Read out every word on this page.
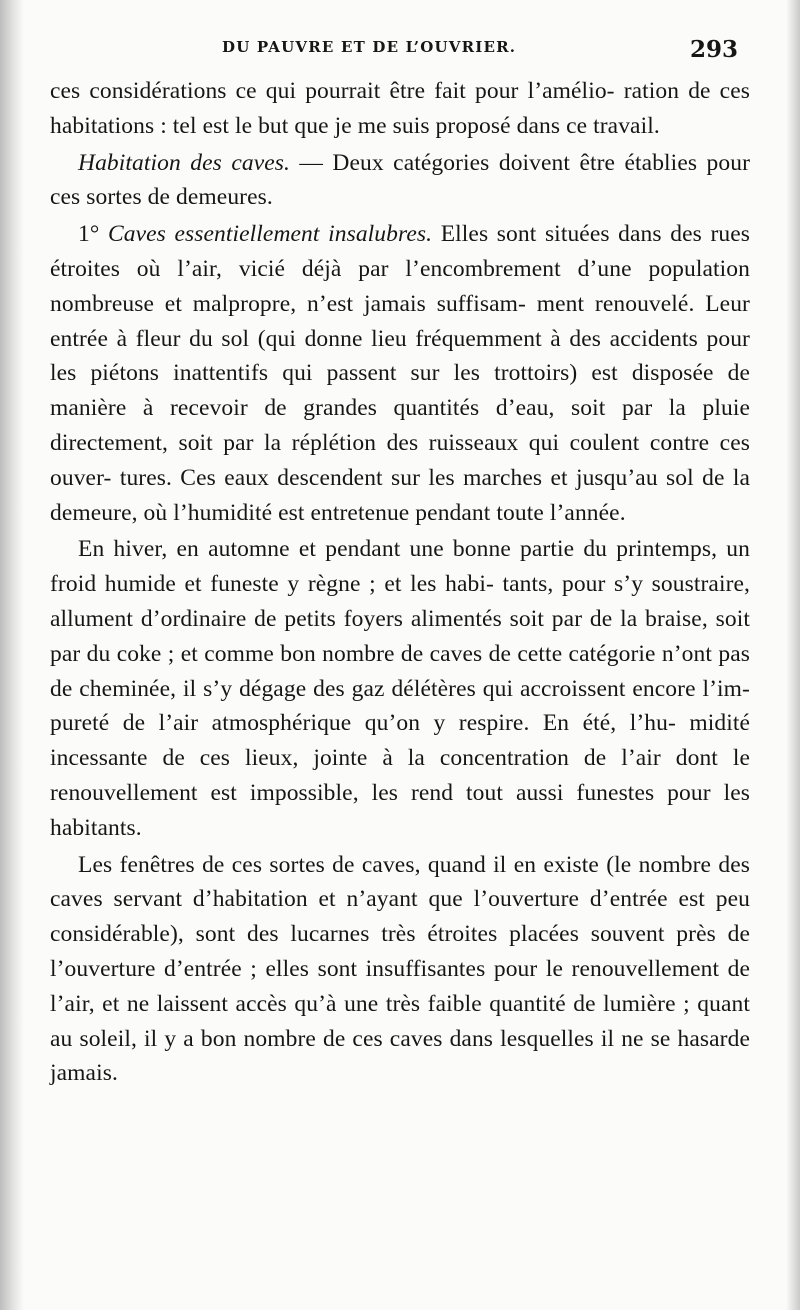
DU PAUVRE ET DE L’OUVRIER.	293

ces considérations ce qui pourrait être fait pour l’amélio- ration de ces habitations : tel est le but que je me suis proposé dans ce travail.

Habitation des caves. — Deux catégories doivent être établies pour ces sortes de demeures.

1° Caves essentiellement insalubres. Elles sont situées dans des rues étroites où l’air, vicié déjà par l’encombrement d’une population nombreuse et malpropre, n’est jamais suffisam- ment renouvelé. Leur entrée à fleur du sol (qui donne lieu fréquemment à des accidents pour les piétons inattentifs qui passent sur les trottoirs) est disposée de manière à recevoir de grandes quantités d’eau, soit par la pluie directement, soit par la réplétion des ruisseaux qui coulent contre ces ouver- tures. Ces eaux descendent sur les marches et jusqu’au sol de la demeure, où l’humidité est entretenue pendant toute l’année.

En hiver, en automne et pendant une bonne partie du printemps, un froid humide et funeste y règne ; et les habi- tants, pour s’y soustraire, allument d’ordinaire de petits foyers alimentés soit par de la braise, soit par du coke ; et comme bon nombre de caves de cette catégorie n’ont pas de cheminée, il s’y dégage des gaz délétères qui accroissent encore l’im- pureté de l’air atmosphérique qu’on y respire. En été, l’hu- midité incessante de ces lieux, jointe à la concentration de l’air dont le renouvellement est impossible, les rend tout aussi funestes pour les habitants.

Les fenêtres de ces sortes de caves, quand il en existe (le nombre des caves servant d’habitation et n’ayant que l’ouverture d’entrée est peu considérable), sont des lucarnes très étroites placées souvent près de l’ouverture d’entrée ; elles sont insuffisantes pour le renouvellement de l’air, et ne laissent accès qu’à une très faible quantité de lumière ; quant au soleil, il y a bon nombre de ces caves dans lesquelles il ne se hasarde jamais.
